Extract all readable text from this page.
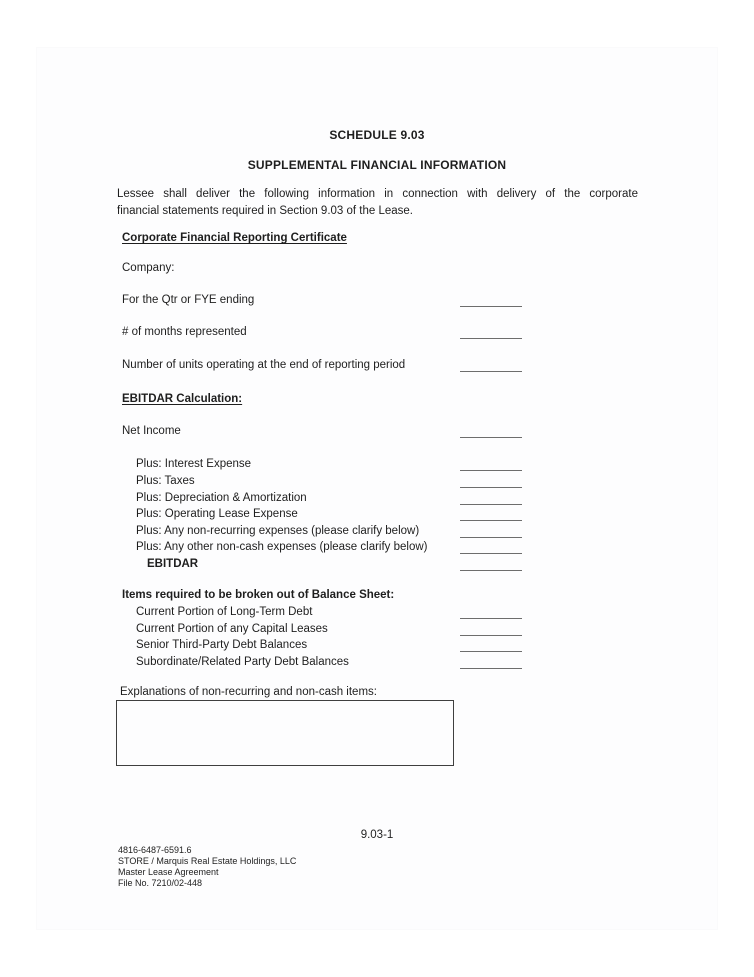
SCHEDULE 9.03
SUPPLEMENTAL FINANCIAL INFORMATION
Lessee shall deliver the following information in connection with delivery of the corporate
financial statements required in Section 9.03 of the Lease.
Corporate Financial Reporting Certificate
Company:
For the Qtr or FYE ending
# of months represented
Number of units operating at the end of reporting period
EBITDAR Calculation:
Net Income
Plus: Interest Expense
Plus: Taxes
Plus: Depreciation & Amortization
Plus: Operating Lease Expense
Plus: Any non-recurring expenses (please clarify below)
Plus: Any other non-cash expenses (please clarify below)
EBITDAR
Items required to be broken out of Balance Sheet:
Current Portion of Long-Term Debt
Current Portion of any Capital Leases
Senior Third-Party Debt Balances
Subordinate/Related Party Debt Balances
Explanations of non-recurring and non-cash items:
9.03-1
4816-6487-6591.6
STORE / Marquis Real Estate Holdings, LLC
Master Lease Agreement
File No. 7210/02-448
